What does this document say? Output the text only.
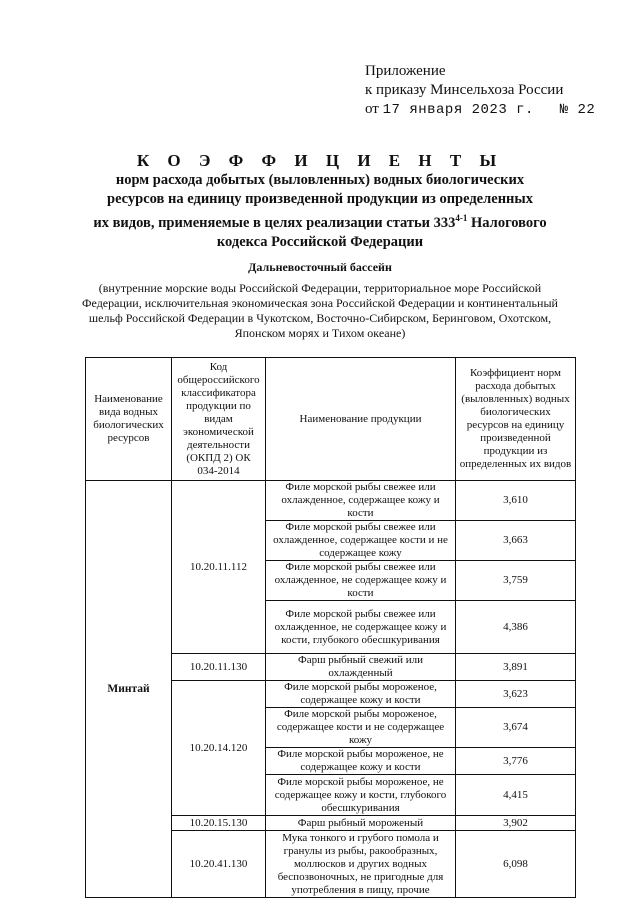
Приложение
к приказу Минсельхоза России
от 17 января 2023 г. № 22
К О Э Ф Ф И Ц И Е Н Т Ы
норм расхода добытых (выловленных) водных биологических
ресурсов на единицу произведенной продукции из определенных
их видов, применяемые в целях реализации статьи 333$^{4-1}$ Налогового
кодекса Российской Федерации
Дальневосточный бассейн
(внутренние морские воды Российской Федерации, территориальное море Российской
Федерации, исключительная экономическая зона Российской Федерации и континентальный
шельф Российской Федерации в Чукотском, Восточно-Сибирском, Беринговом, Охотском,
Японском морях и Тихом океане)
Наименование вида водных биологических ресурсов	Код общероссийского классификатора продукции по видам экономической деятельности (ОКПД 2) ОК 034-2014	Наименование продукции	Коэффициент норм расхода добытых (выловленных) водных биологических ресурсов на единицу произведенной продукции из определенных их видов
Минтай	10.20.11.112	Филе морской рыбы свежее или охлажденное, содержащее кожу и кости	3,610
		Филе морской рыбы свежее или охлажденное, содержащее кости и не содержащее кожу	3,663
		Филе морской рыбы свежее или охлажденное, не содержащее кожу и кости	3,759
		Филе морской рыбы свежее или охлажденное, не содержащее кожу и кости, глубокого обесшкуривания	4,386
	10.20.11.130	Фарш рыбный свежий или охлажденный	3,891
	10.20.14.120	Филе морской рыбы мороженое, содержащее кожу и кости	3,623
		Филе морской рыбы мороженое, содержащее кости и не содержащее кожу	3,674
		Филе морской рыбы мороженое, не содержащее кожу и кости	3,776
		Филе морской рыбы мороженое, не содержащее кожу и кости, глубокого обесшкуривания	4,415
	10.20.15.130	Фарш рыбный мороженый	3,902
	10.20.41.130	Мука тонкого и грубого помола и гранулы из рыбы, ракообразных, моллюсков и других водных беспозвоночных, не пригодные для употребления в пищу, прочие	6,098
